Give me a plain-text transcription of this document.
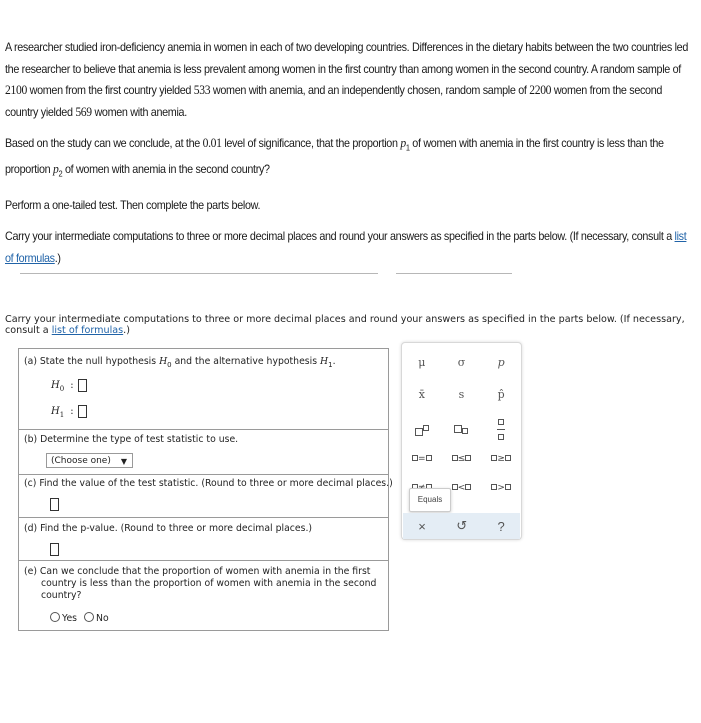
A researcher studied iron-deficiency anemia in women in each of two developing countries. Differences in the dietary habits between the two countries led the researcher to believe that anemia is less prevalent among women in the first country than among women in the second country. A random sample of 2100 women from the first country yielded 533 women with anemia, and an independently chosen, random sample of 2200 women from the second country yielded 569 women with anemia.

Based on the study can we conclude, at the 0.01 level of significance, that the proportion $p_1$ of women with anemia in the first country is less than the proportion $p_2$ of women with anemia in the second country?

Perform a one-tailed test. Then complete the parts below.

Carry your intermediate computations to three or more decimal places and round your answers as specified in the parts below. (If necessary, consult a list of formulas.)

Carry your intermediate computations to three or more decimal places and round your answers as specified in the parts below. (If necessary, consult a list of formulas.)
(a) State the null hypothesis $H_0$ and the alternative hypothesis $H_1$.
$H_0$ :
$H_1$ :
(b) Determine the type of test statistic to use.
(Choose one) ▼
(c) Find the value of the test statistic. (Round to three or more decimal places.)
(d) Find the p-value. (Round to three or more decimal places.)
(e) Can we conclude that the proportion of women with anemia in the first
country is less than the proportion of women with anemia in the second
country?
Yes No
μ	σ	p
x̄	s	p̂

=	≤	≥
<	>
Equals
× ↺ ?
